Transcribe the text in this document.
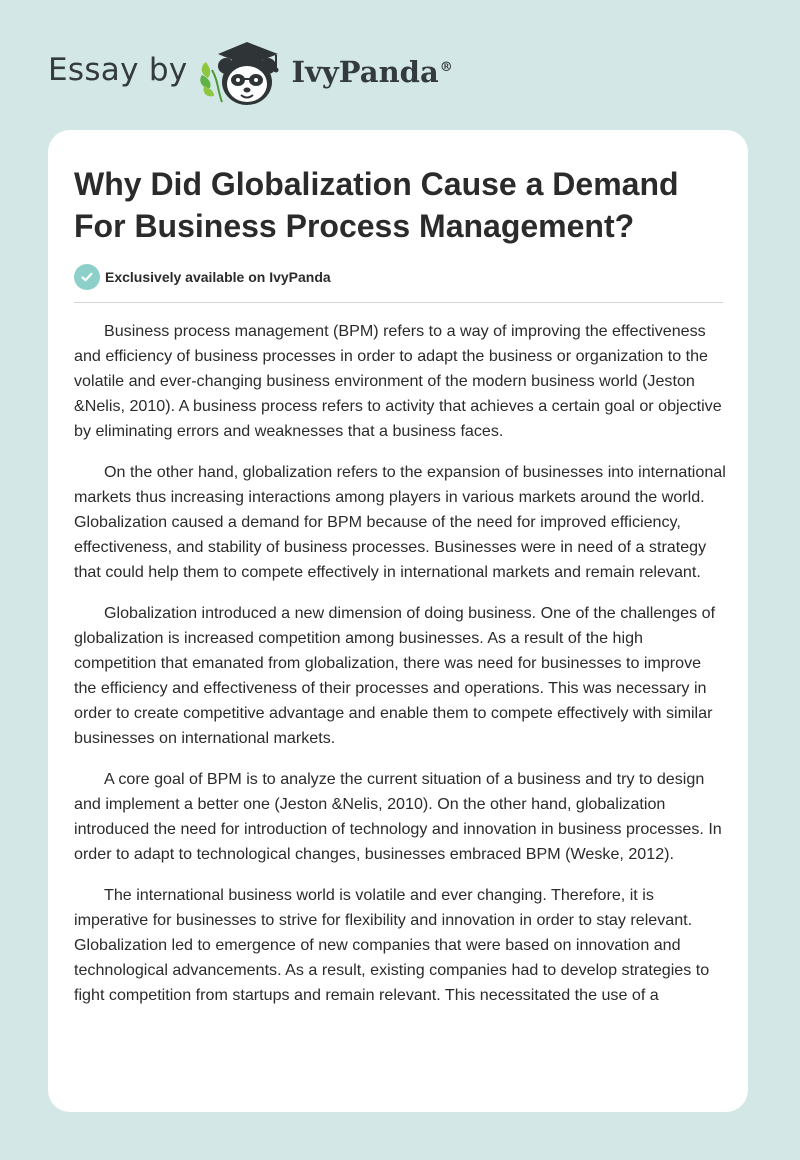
Essay by	IvyPanda®
Why Did Globalization Cause a Demand For Business Process Management?
Exclusively available on IvyPanda

Business process management (BPM) refers to a way of improving the effectiveness and efficiency of business processes in order to adapt the business or organization to the volatile and ever-changing business environment of the modern business world (Jeston &Nelis, 2010). A business process refers to activity that achieves a certain goal or objective by eliminating errors and weaknesses that a business faces.

On the other hand, globalization refers to the expansion of businesses into international markets thus increasing interactions among players in various markets around the world. Globalization caused a demand for BPM because of the need for improved efficiency, effectiveness, and stability of business processes. Businesses were in need of a strategy that could help them to compete effectively in international markets and remain relevant.

Globalization introduced a new dimension of doing business. One of the challenges of globalization is increased competition among businesses. As a result of the high competition that emanated from globalization, there was need for businesses to improve the efficiency and effectiveness of their processes and operations. This was necessary in order to create competitive advantage and enable them to compete effectively with similar businesses on international markets.

A core goal of BPM is to analyze the current situation of a business and try to design and implement a better one (Jeston &Nelis, 2010). On the other hand, globalization introduced the need for introduction of technology and innovation in business processes. In order to adapt to technological changes, businesses embraced BPM (Weske, 2012).

The international business world is volatile and ever changing. Therefore, it is imperative for businesses to strive for flexibility and innovation in order to stay relevant. Globalization led to emergence of new companies that were based on innovation and technological advancements. As a result, existing companies had to develop strategies to fight competition from startups and remain relevant. This necessitated the use of a
